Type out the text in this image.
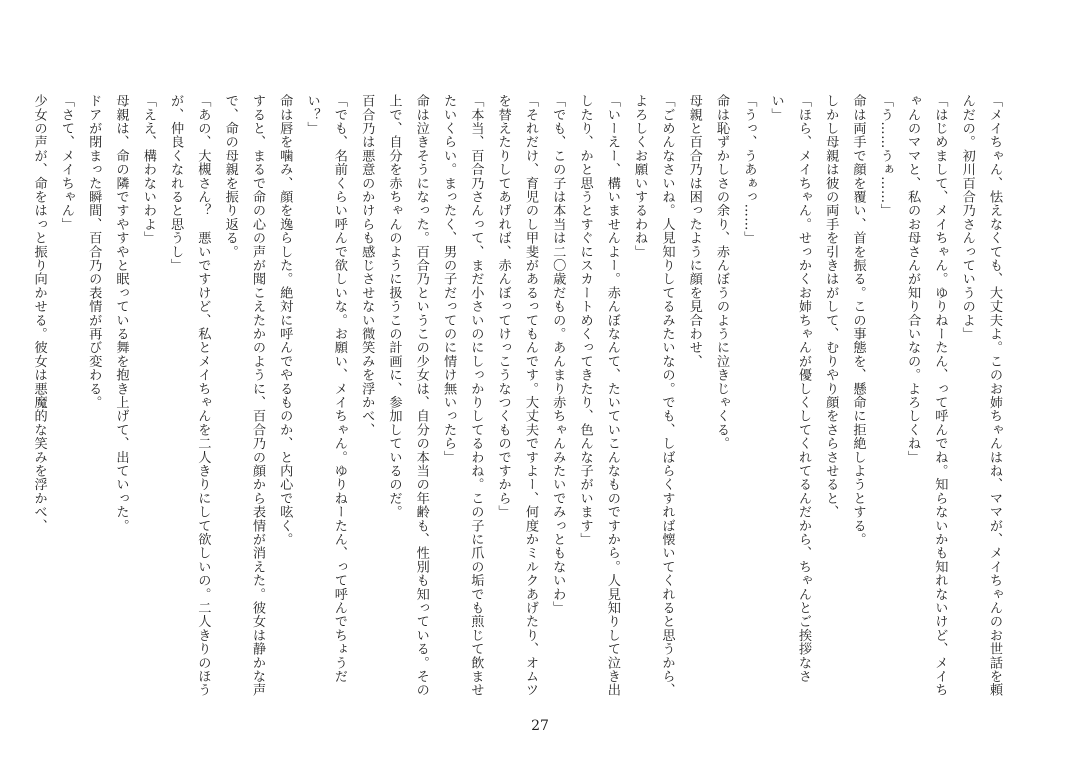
「メイちゃん、怯えなくても、大丈夫よ。このお姉ちゃんはね、ママが、メイちゃんのお世話を頼んだの。初川百合乃さんっていうのよ」

「はじめまして、メイちゃん。ゆりねーたん、って呼んでね。知らないかも知れないけど、メイちゃんのママと、私のお母さんが知り合いなの。よろしくね」

「う……うぁ……」

命は両手で顔を覆い、首を振る。この事態を、懸命に拒絶しようとする。

しかし母親は彼の両手を引きはがして、むりやり顔をさらさせると、

「ほら、メイちゃん。せっかくお姉ちゃんが優しくしてくれてるんだから、ちゃんとご挨拶なさい」

「うっ、うあぁっ……」

命は恥ずかしさの余り、赤んぼうのように泣きじゃくる。

母親と百合乃は困ったように顔を見合わせ、

「ごめんなさいね。人見知りしてるみたいなの。でも、しばらくすれば懐いてくれると思うから、よろしくお願いするわね」

「いーえー、構いませんよー。赤んぼなんて、たいていこんなものですから。人見知りして泣き出したり、かと思うとすぐにスカートめくってきたり、色んな子がいます」

「でも、この子は本当は二〇歳だもの。あんまり赤ちゃんみたいでみっともないわ」

「それだけ、育児のし甲斐があるってもんです。大丈夫ですよー、何度かミルクあげたり、オムツを替えたりしてあげれば、赤んぼってけっこうなつくものですから」

「本当、百合乃さんって、まだ小さいのにしっかりしてるわね。この子に爪の垢でも煎じて飲ませたいくらい。まったく、男の子だってのに情け無いったら」

命は泣きそうになった。百合乃というこの少女は、自分の本当の年齢も、性別も知っている。その上で、自分を赤ちゃんのように扱うこの計画に、参加しているのだ。

百合乃は悪意のかけらも感じさせない微笑みを浮かべ、

「でも、名前くらい呼んで欲しいな。お願い、メイちゃん。ゆりねーたん、って呼んでちょうだい？」

命は唇を噛み、顔を逸らした。絶対に呼んでやるものか、と内心で呟く。

すると、まるで命の心の声が聞こえたかのように、百合乃の顔から表情が消えた。彼女は静かな声で、命の母親を振り返る。

「あの、大槻さん？　悪いですけど、私とメイちゃんを二人きりにして欲しいの。二人きりのほうが、仲良くなれると思うし」

「ええ、構わないわよ」

母親は、命の隣ですやすやと眠っている舞を抱き上げて、出ていった。

ドアが閉まった瞬間、百合乃の表情が再び変わる。

「さて、メイちゃん」

少女の声が、命をはっと振り向かせる。彼女は悪魔的な笑みを浮かべ、

27
